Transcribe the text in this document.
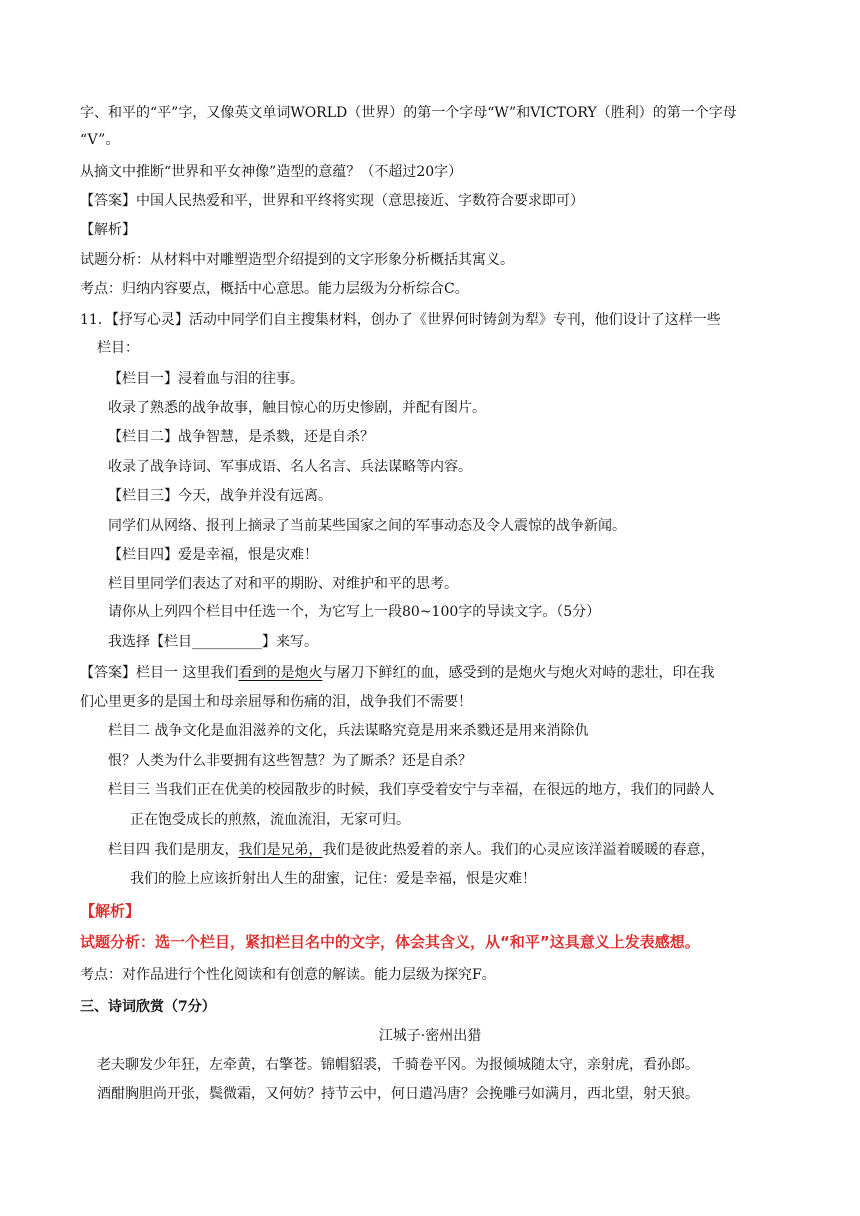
字、和平的“平”字，又像英文单词WORLD（世界）的第一个字母“W”和VICTORY（胜利）的第一个字母

“V”。

从摘文中推断“世界和平女神像”造型的意蕴？（不超过20字）

【答案】中国人民热爱和平，世界和平终将实现（意思接近、字数符合要求即可）

【解析】

试题分析：从材料中对雕塑造型介绍提到的文字形象分析概括其寓义。

考点：归纳内容要点，概括中心意思。能力层级为分析综合C。

11．【抒写心灵】活动中同学们自主搜集材料，创办了《世界何时铸剑为犁》专刊，他们设计了这样一些

栏目：

【栏目一】浸着血与泪的往事。

收录了熟悉的战争故事，触目惊心的历史惨剧，并配有图片。

【栏目二】战争智慧，是杀戮，还是自杀？

收录了战争诗词、军事成语、名人名言、兵法谋略等内容。

【栏目三】今天，战争并没有远离。

同学们从网络、报刊上摘录了当前某些国家之间的军事动态及令人震惊的战争新闻。

【栏目四】爱是幸福，恨是灾难！

栏目里同学们表达了对和平的期盼、对维护和平的思考。

请你从上列四个栏目中任选一个，为它写上一段80~100字的导读文字。（5分）

我选择【栏目__________】来写。

【答案】栏目一 这里我们看到的是炮火与屠刀下鲜红的血，感受到的是炮火与炮火对峙的悲壮，印在我

们心里更多的是国土和母亲屈辱和伤痛的泪，战争我们不需要！

栏目二 战争文化是血泪滋养的文化，兵法谋略究竟是用来杀戮还是用来消除仇

恨？人类为什么非要拥有这些智慧？为了厮杀？还是自杀？

栏目三 当我们正在优美的校园散步的时候，我们享受着安宁与幸福，在很远的地方，我们的同龄人

正在饱受成长的煎熬，流血流泪，无家可归。

栏目四 我们是朋友，我们是兄弟，我们是彼此热爱着的亲人。我们的心灵应该洋溢着暖暖的春意，

我们的脸上应该折射出人生的甜蜜，记住：爱是幸福，恨是灾难！

【解析】

试题分析：选一个栏目，紧扣栏目名中的文字，体会其含义，从“和平”这具意义上发表感想。

考点：对作品进行个性化阅读和有创意的解读。能力层级为探究F。

三、诗词欣赏（7分）

江城子·密州出猎

老夫聊发少年狂，左牵黄，右擎苍。锦帽貂裘，千骑卷平冈。为报倾城随太守，亲射虎，看孙郎。

酒酣胸胆尚开张，鬓微霜，又何妨？持节云中，何日遣冯唐？会挽雕弓如满月，西北望，射天狼。
